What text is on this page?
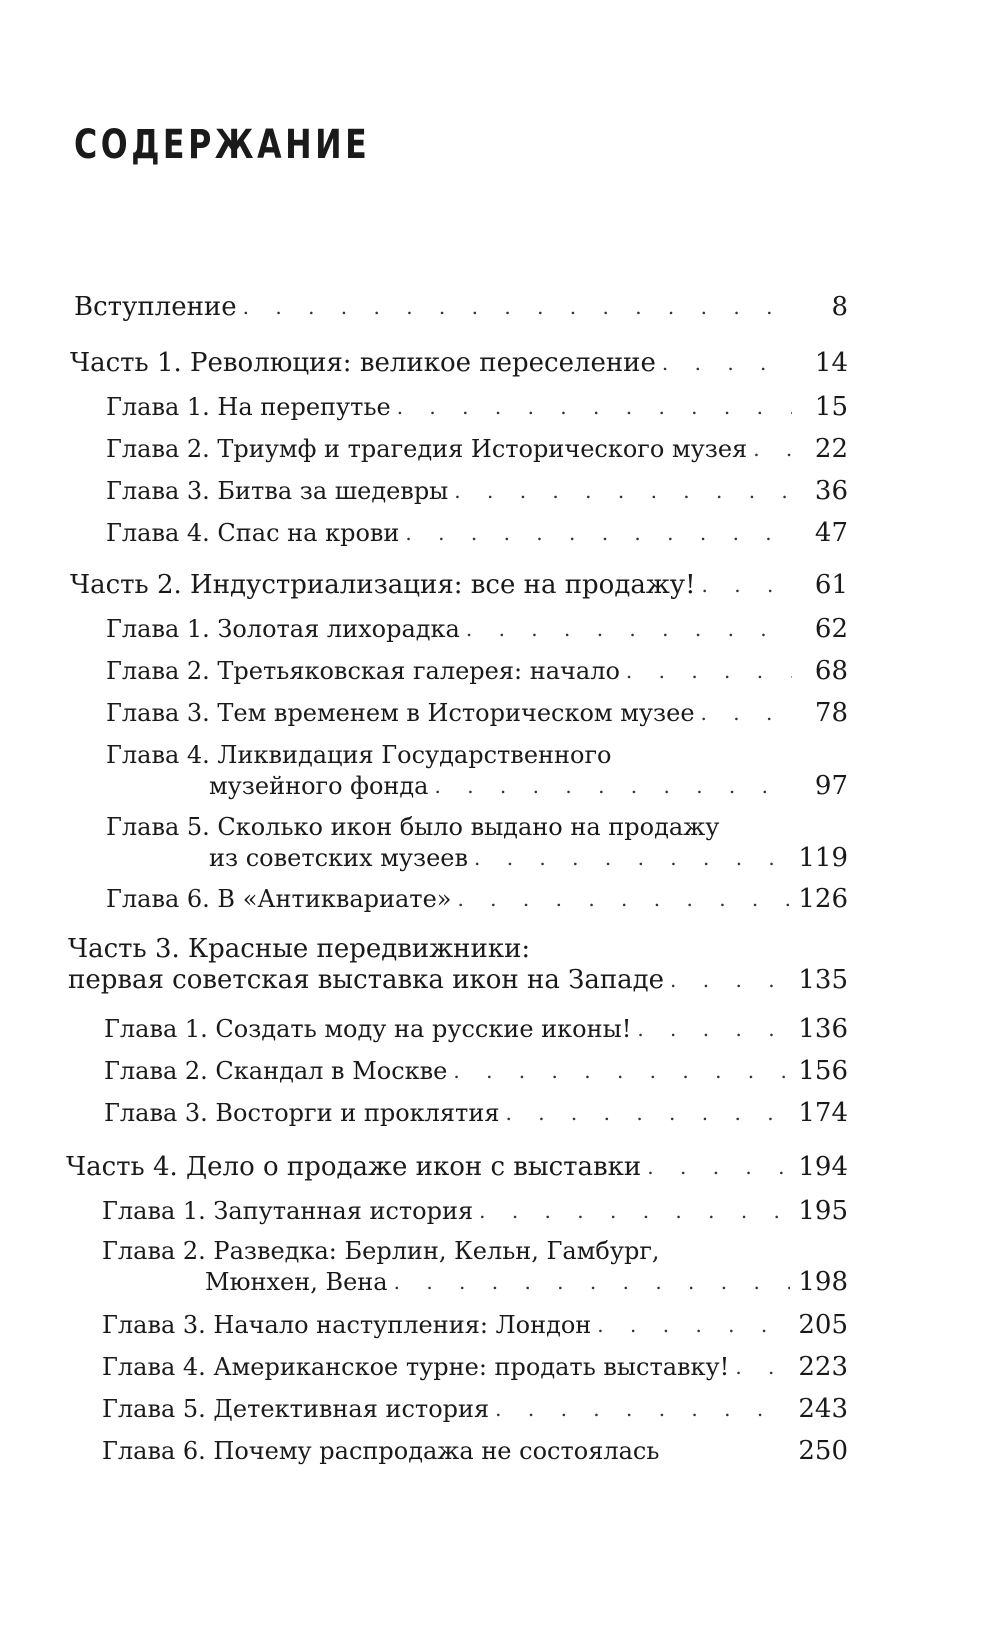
СОДЕРЖАНИЕ
Вступление . . .	8
Часть 1. Революция: великое переселение . . .	14
Глава 1. На перепутье . . .	15
Глава 2. Триумф и трагедия Исторического музея . . .	22
Глава 3. Битва за шедевры . . .	36
Глава 4. Спас на крови . . .	47
Часть 2. Индустриализация: все на продажу! . . .	61
Глава 1. Золотая лихорадка . . .	62
Глава 2. Третьяковская галерея: начало . . .	68
Глава 3. Тем временем в Историческом музее . . .	78
Глава 4. Ликвидация Государственного
музейного фонда . . .	97
Глава 5. Сколько икон было выдано на продажу
из советских музеев . . .	119
Глава 6. В «Антиквариате» . . .	126
Часть 3. Красные передвижники:
первая советская выставка икон на Западе . . .	135
Глава 1. Создать моду на русские иконы! . . .	136
Глава 2. Скандал в Москве . . .	156
Глава 3. Восторги и проклятия . . .	174
Часть 4. Дело о продаже икон с выставки . . .	194
Глава 1. Запутанная история . . .	195
Глава 2. Разведка: Берлин, Кельн, Гамбург,
Мюнхен, Вена . . .	198
Глава 3. Начало наступления: Лондон . . .	205
Глава 4. Американское турне: продать выставку! . . .	223
Глава 5. Детективная история . . .	243
Глава 6. Почему распродажа не состоялась	250
